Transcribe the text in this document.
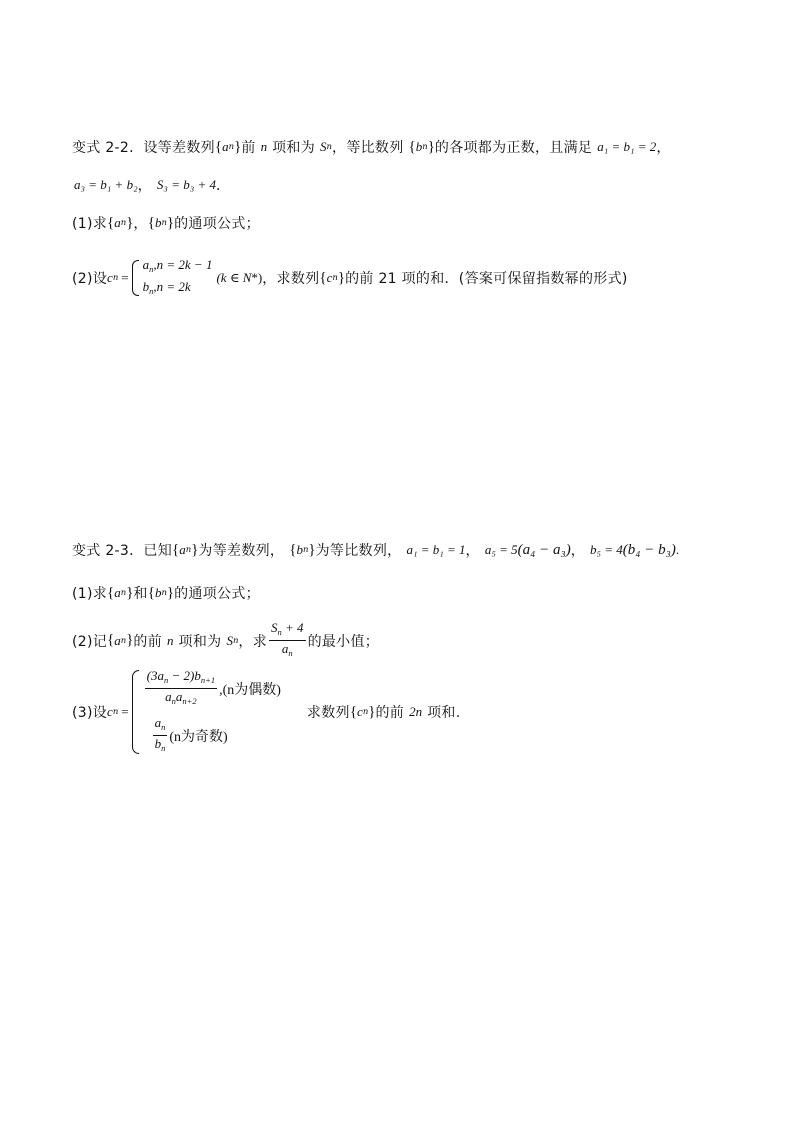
变式 2-2．设等差数列 { a n } 前 n 项和为 S n ，等比数列 { b n } 的各项都为正数，且满足 a₁ = b₁ = 2 ，
a₃ = b₁ + b₂ ， S₃ = b₃ + 4 ．
(1)求 { a n } ， { b n } 的通项公式；
(2)设 c n =
$a_n,n = 2k - 1$
$b_n,n = 2k$
(k ∈ N * ) ，求数列 { c n } 的前 21 项的和．(答案可保留指数幂的形式)
变式 2-3．已知 { a n } 为等差数列， { b n } 为等比数列， a₁ = b₁ = 1 ， a₅ = 5 (a₄ − a₃) ， b₅ = 4 (b₄ − b₃) .
(1)求 { a n } 和 { b n } 的通项公式；
(2)记 { a n } 的前 n 项和为 S n ，求 $\frac{S_n + 4}{a_n}$ 的最小值；
(3)设 c n =
$\frac{(3a_n - 2)b_{n+1}}{a_na_{n+2}} ,(n$为偶数)
$\frac{a_n}{b_n} (n$为奇数)
求数列 { c n } 的前 2n 项和.
